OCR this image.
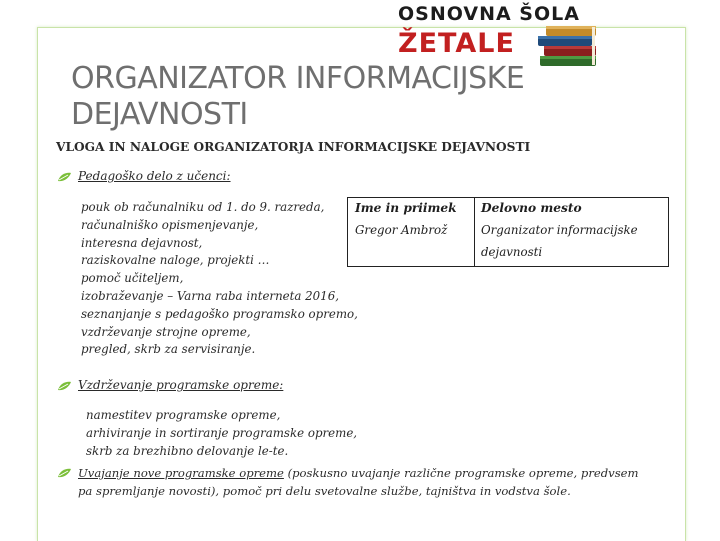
OSNOVNA ŠOLA
ŽETALE
ORGANIZATOR INFORMACIJSKE
DEJAVNOSTI
VLOGA IN NALOGE ORGANIZATORJA INFORMACIJSKE DEJAVNOSTI
Pedagoško delo z učenci:
pouk ob računalniku od 1. do 9. razreda,
računalniško opismenjevanje,
interesna dejavnost,
raziskovalne naloge, projekti …
pomoč učiteljem,
izobraževanje – Varna raba interneta 2016,
seznanjanje s pedagoško programsko opremo,
vzdrževanje strojne opreme,
pregled, skrb za servisiranje.
Ime in priimek Delovno mesto
Gregor Ambrož	Organizator informacijske
dejavnosti
Vzdrževanje programske opreme:
namestitev programske opreme,
arhiviranje in sortiranje programske opreme,
skrb za brezhibno delovanje le-te.
Uvajanje nove programske opreme (poskusno uvajanje različne programske opreme, predvsem
pa spremljanje novosti), pomoč pri delu svetovalne službe, tajništva in vodstva šole.
